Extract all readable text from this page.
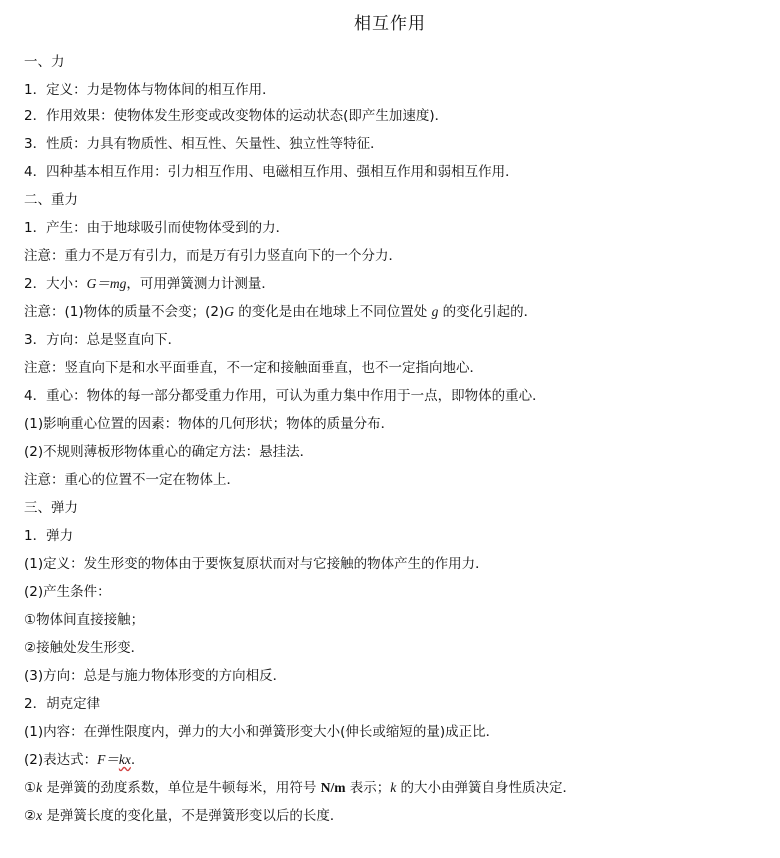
相互作用
一、力
1．定义：力是物体与物体间的相互作用．
2．作用效果：使物体发生形变或改变物体的运动状态(即产生加速度)．
3．性质：力具有物质性、相互性、矢量性、独立性等特征．
4．四种基本相互作用：引力相互作用、电磁相互作用、强相互作用和弱相互作用．
二、重力
1．产生：由于地球吸引而使物体受到的力．
注意：重力不是万有引力，而是万有引力竖直向下的一个分力．
2．大小：G＝mg，可用弹簧测力计测量．
注意：(1)物体的质量不会变；(2)G 的变化是由在地球上不同位置处 g 的变化引起的．
3．方向：总是竖直向下．
注意：竖直向下是和水平面垂直，不一定和接触面垂直，也不一定指向地心．
4．重心：物体的每一部分都受重力作用，可认为重力集中作用于一点，即物体的重心．
(1)影响重心位置的因素：物体的几何形状；物体的质量分布．
(2)不规则薄板形物体重心的确定方法：悬挂法．
注意：重心的位置不一定在物体上．
三、弹力
1．弹力
(1)定义：发生形变的物体由于要恢复原状而对与它接触的物体产生的作用力．
(2)产生条件：
①物体间直接接触；
②接触处发生形变．
(3)方向：总是与施力物体形变的方向相反．
2．胡克定律
(1)内容：在弹性限度内，弹力的大小和弹簧形变大小(伸长或缩短的量)成正比．
(2)表达式：F＝kx.
①k 是弹簧的劲度系数，单位是牛顿每米，用符号 N/m 表示；k 的大小由弹簧自身性质决定．
②x 是弹簧长度的变化量，不是弹簧形变以后的长度．
